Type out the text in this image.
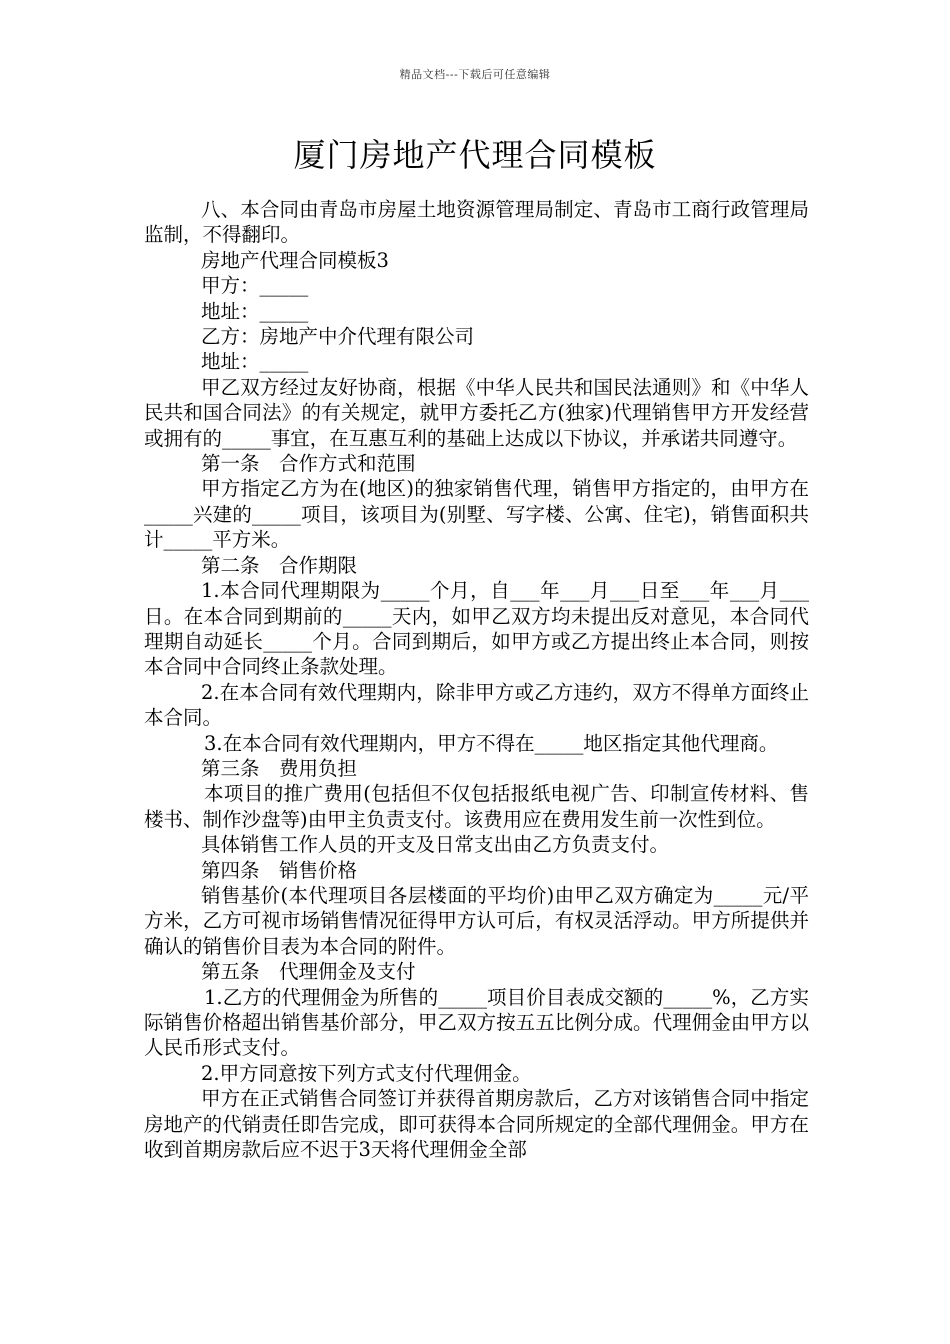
精品文档---下载后可任意编辑
厦门房地产代理合同模板

八、本合同由青岛市房屋土地资源管理局制定、青岛市工商行政管理局监制，不得翻印。

房地产代理合同模板3

甲方：_____

地址：_____

乙方：房地产中介代理有限公司

地址：_____

甲乙双方经过友好协商，根据《中华人民共和国民法通则》和《中华人民共和国合同法》的有关规定，就甲方委托乙方(独家)代理销售甲方开发经营或拥有的_____事宜，在互惠互利的基础上达成以下协议，并承诺共同遵守。

第一条　合作方式和范围

甲方指定乙方为在(地区)的独家销售代理，销售甲方指定的，由甲方在_____兴建的_____项目，该项目为(别墅、写字楼、公寓、住宅)，销售面积共计_____平方米。

第二条　合作期限

1.本合同代理期限为_____个月，自___年___月___日至___年___月___日。在本合同到期前的_____天内，如甲乙双方均未提出反对意见，本合同代理期自动延长_____个月。合同到期后，如甲方或乙方提出终止本合同，则按本合同中合同终止条款处理。

2.在本合同有效代理期内，除非甲方或乙方违约，双方不得单方面终止本合同。

3.在本合同有效代理期内，甲方不得在_____地区指定其他代理商。

第三条　费用负担

本项目的推广费用(包括但不仅包括报纸电视广告、印制宣传材料、售楼书、制作沙盘等)由甲主负责支付。该费用应在费用发生前一次性到位。

具体销售工作人员的开支及日常支出由乙方负责支付。

第四条　销售价格

销售基价(本代理项目各层楼面的平均价)由甲乙双方确定为_____元/平方米，乙方可视市场销售情况征得甲方认可后，有权灵活浮动。甲方所提供并确认的销售价目表为本合同的附件。

第五条　代理佣金及支付

1.乙方的代理佣金为所售的_____项目价目表成交额的_____%，乙方实际销售价格超出销售基价部分，甲乙双方按五五比例分成。代理佣金由甲方以人民币形式支付。

2.甲方同意按下列方式支付代理佣金。

甲方在正式销售合同签订并获得首期房款后，乙方对该销售合同中指定房地产的代销责任即告完成，即可获得本合同所规定的全部代理佣金。甲方在收到首期房款后应不迟于3天将代理佣金全部
